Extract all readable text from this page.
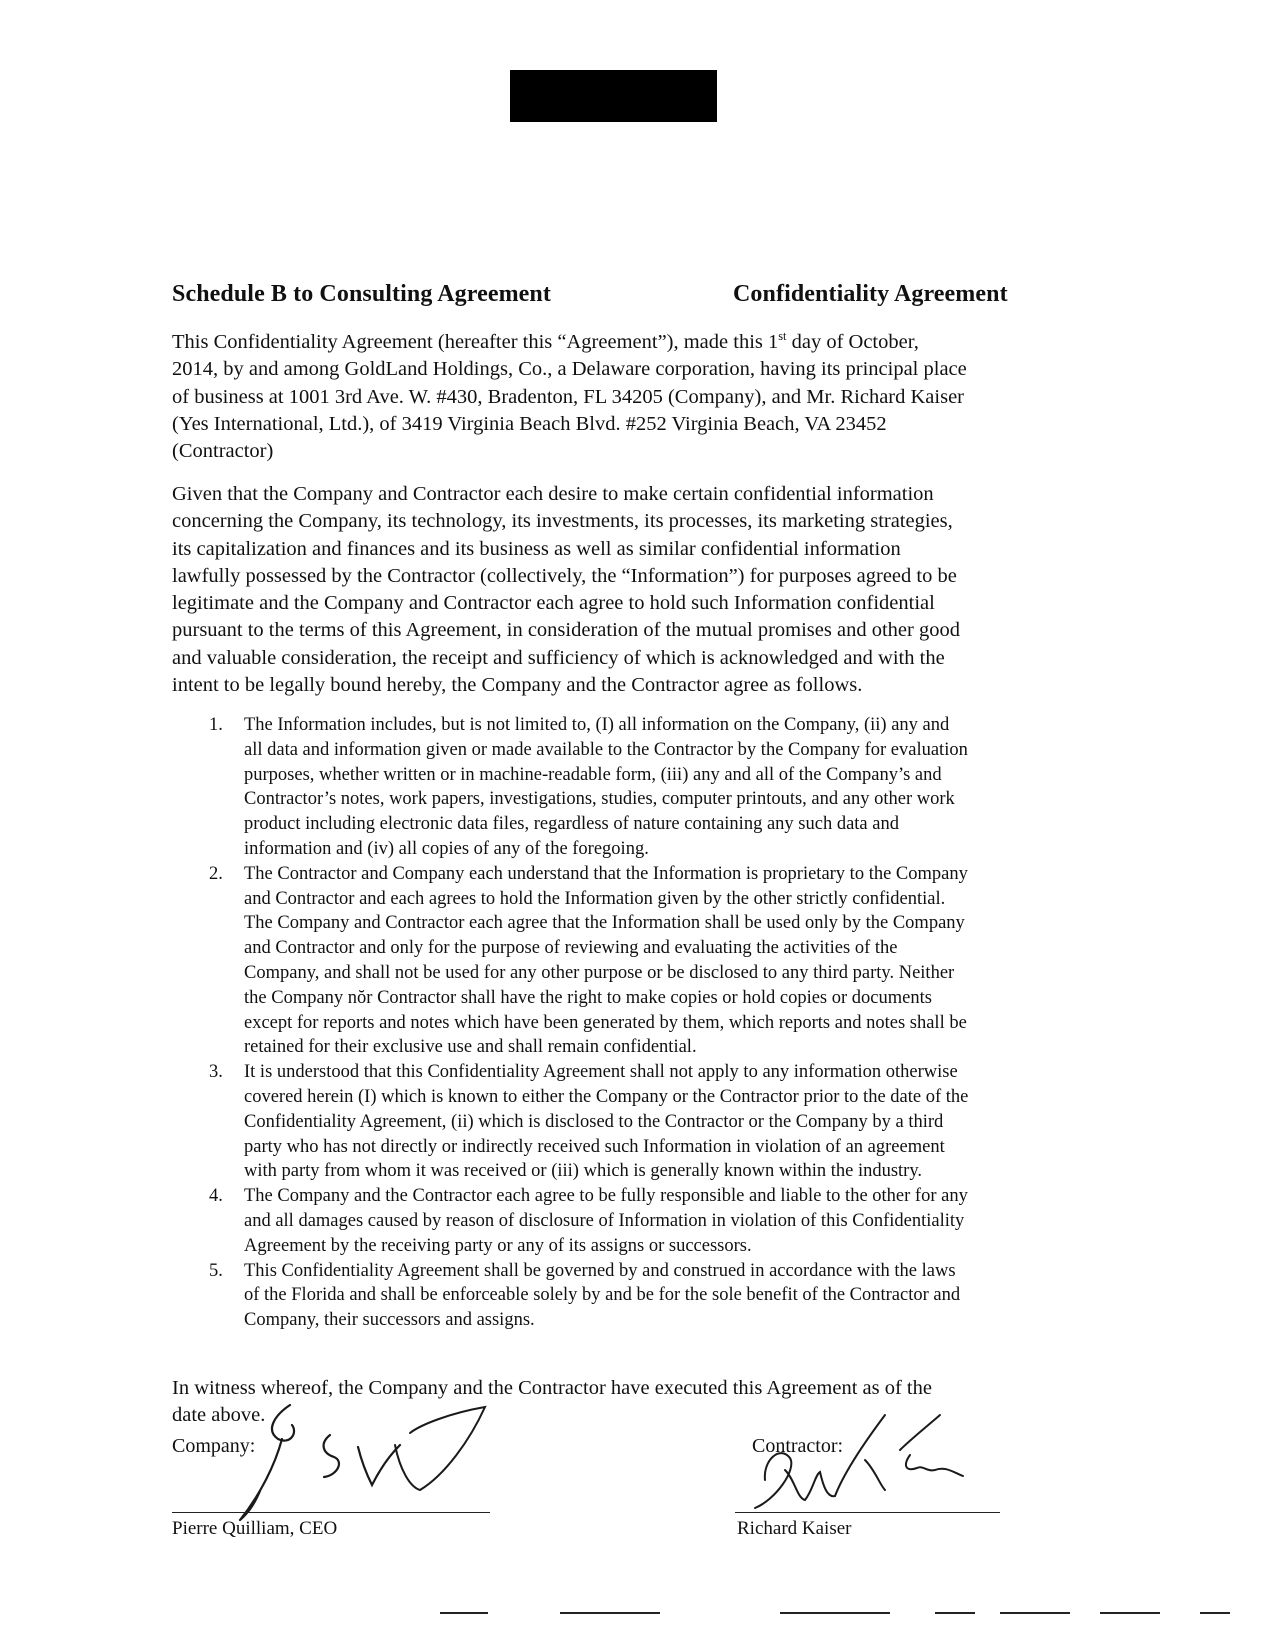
Schedule B to Consulting Agreement	Confidentiality Agreement
This Confidentiality Agreement (hereafter this “Agreement”), made this 1st day of October,
2014, by and among GoldLand Holdings, Co., a Delaware corporation, having its principal place
of business at 1001 3rd Ave. W. #430, Bradenton, FL 34205 (Company), and Mr. Richard Kaiser
(Yes International, Ltd.), of 3419 Virginia Beach Blvd. #252 Virginia Beach, VA 23452
(Contractor)
Given that the Company and Contractor each desire to make certain confidential information
concerning the Company, its technology, its investments, its processes, its marketing strategies,
its capitalization and finances and its business as well as similar confidential information
lawfully possessed by the Contractor (collectively, the “Information”) for purposes agreed to be
legitimate and the Company and Contractor each agree to hold such Information confidential
pursuant to the terms of this Agreement, in consideration of the mutual promises and other good
and valuable consideration, the receipt and sufficiency of which is acknowledged and with the
intent to be legally bound hereby, the Company and the Contractor agree as follows.
1. The Information includes, but is not limited to, (I) all information on the Company, (ii) any and
all data and information given or made available to the Contractor by the Company for evaluation
purposes, whether written or in machine-readable form, (iii) any and all of the Company’s and
Contractor’s notes, work papers, investigations, studies, computer printouts, and any other work
product including electronic data files, regardless of nature containing any such data and
information and (iv) all copies of any of the foregoing.
2. The Contractor and Company each understand that the Information is proprietary to the Company
and Contractor and each agrees to hold the Information given by the other strictly confidential.
The Company and Contractor each agree that the Information shall be used only by the Company
and Contractor and only for the purpose of reviewing and evaluating the activities of the
Company, and shall not be used for any other purpose or be disclosed to any third party. Neither
the Company nŏr Contractor shall have the right to make copies or hold copies or documents
except for reports and notes which have been generated by them, which reports and notes shall be
retained for their exclusive use and shall remain confidential.
3. It is understood that this Confidentiality Agreement shall not apply to any information otherwise
covered herein (I) which is known to either the Company or the Contractor prior to the date of the
Confidentiality Agreement, (ii) which is disclosed to the Contractor or the Company by a third
party who has not directly or indirectly received such Information in violation of an agreement
with party from whom it was received or (iii) which is generally known within the industry.
4. The Company and the Contractor each agree to be fully responsible and liable to the other for any
and all damages caused by reason of disclosure of Information in violation of this Confidentiality
Agreement by the receiving party or any of its assigns or successors.
5. This Confidentiality Agreement shall be governed by and construed in accordance with the laws
of the Florida and shall be enforceable solely by and be for the sole benefit of the Contractor and
Company, their successors and assigns.
In witness whereof, the Company and the Contractor have executed this Agreement as of the
date above.
Company:
Pierre Quilliam, CEO
Contractor:
Richard Kaiser
